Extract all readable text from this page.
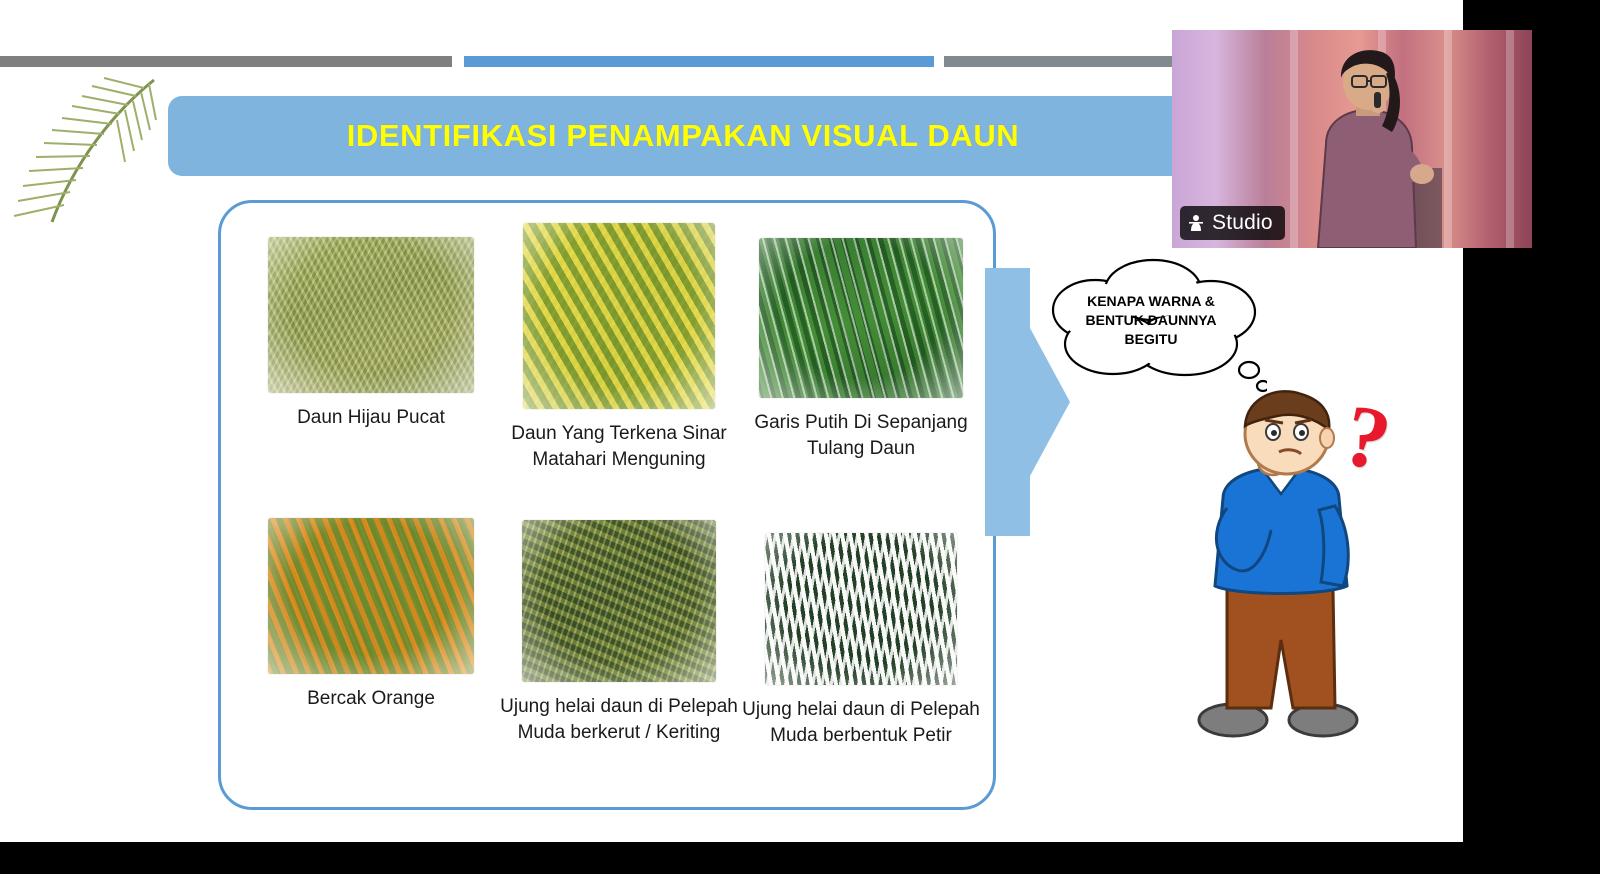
IDENTIFIKASI PENAMPAKAN VISUAL DAUN
Daun Hijau Pucat
Daun Yang Terkena Sinar Matahari Menguning
Garis Putih Di Sepanjang Tulang Daun
Bercak Orange	Ujung helai daun di Pelepah Muda berkerut / Keriting
Ujung helai daun di Pelepah Muda berbentuk Petir
KENAPA WARNA &
BENTUK DAUNNYA
BEGITU
?
Studio
